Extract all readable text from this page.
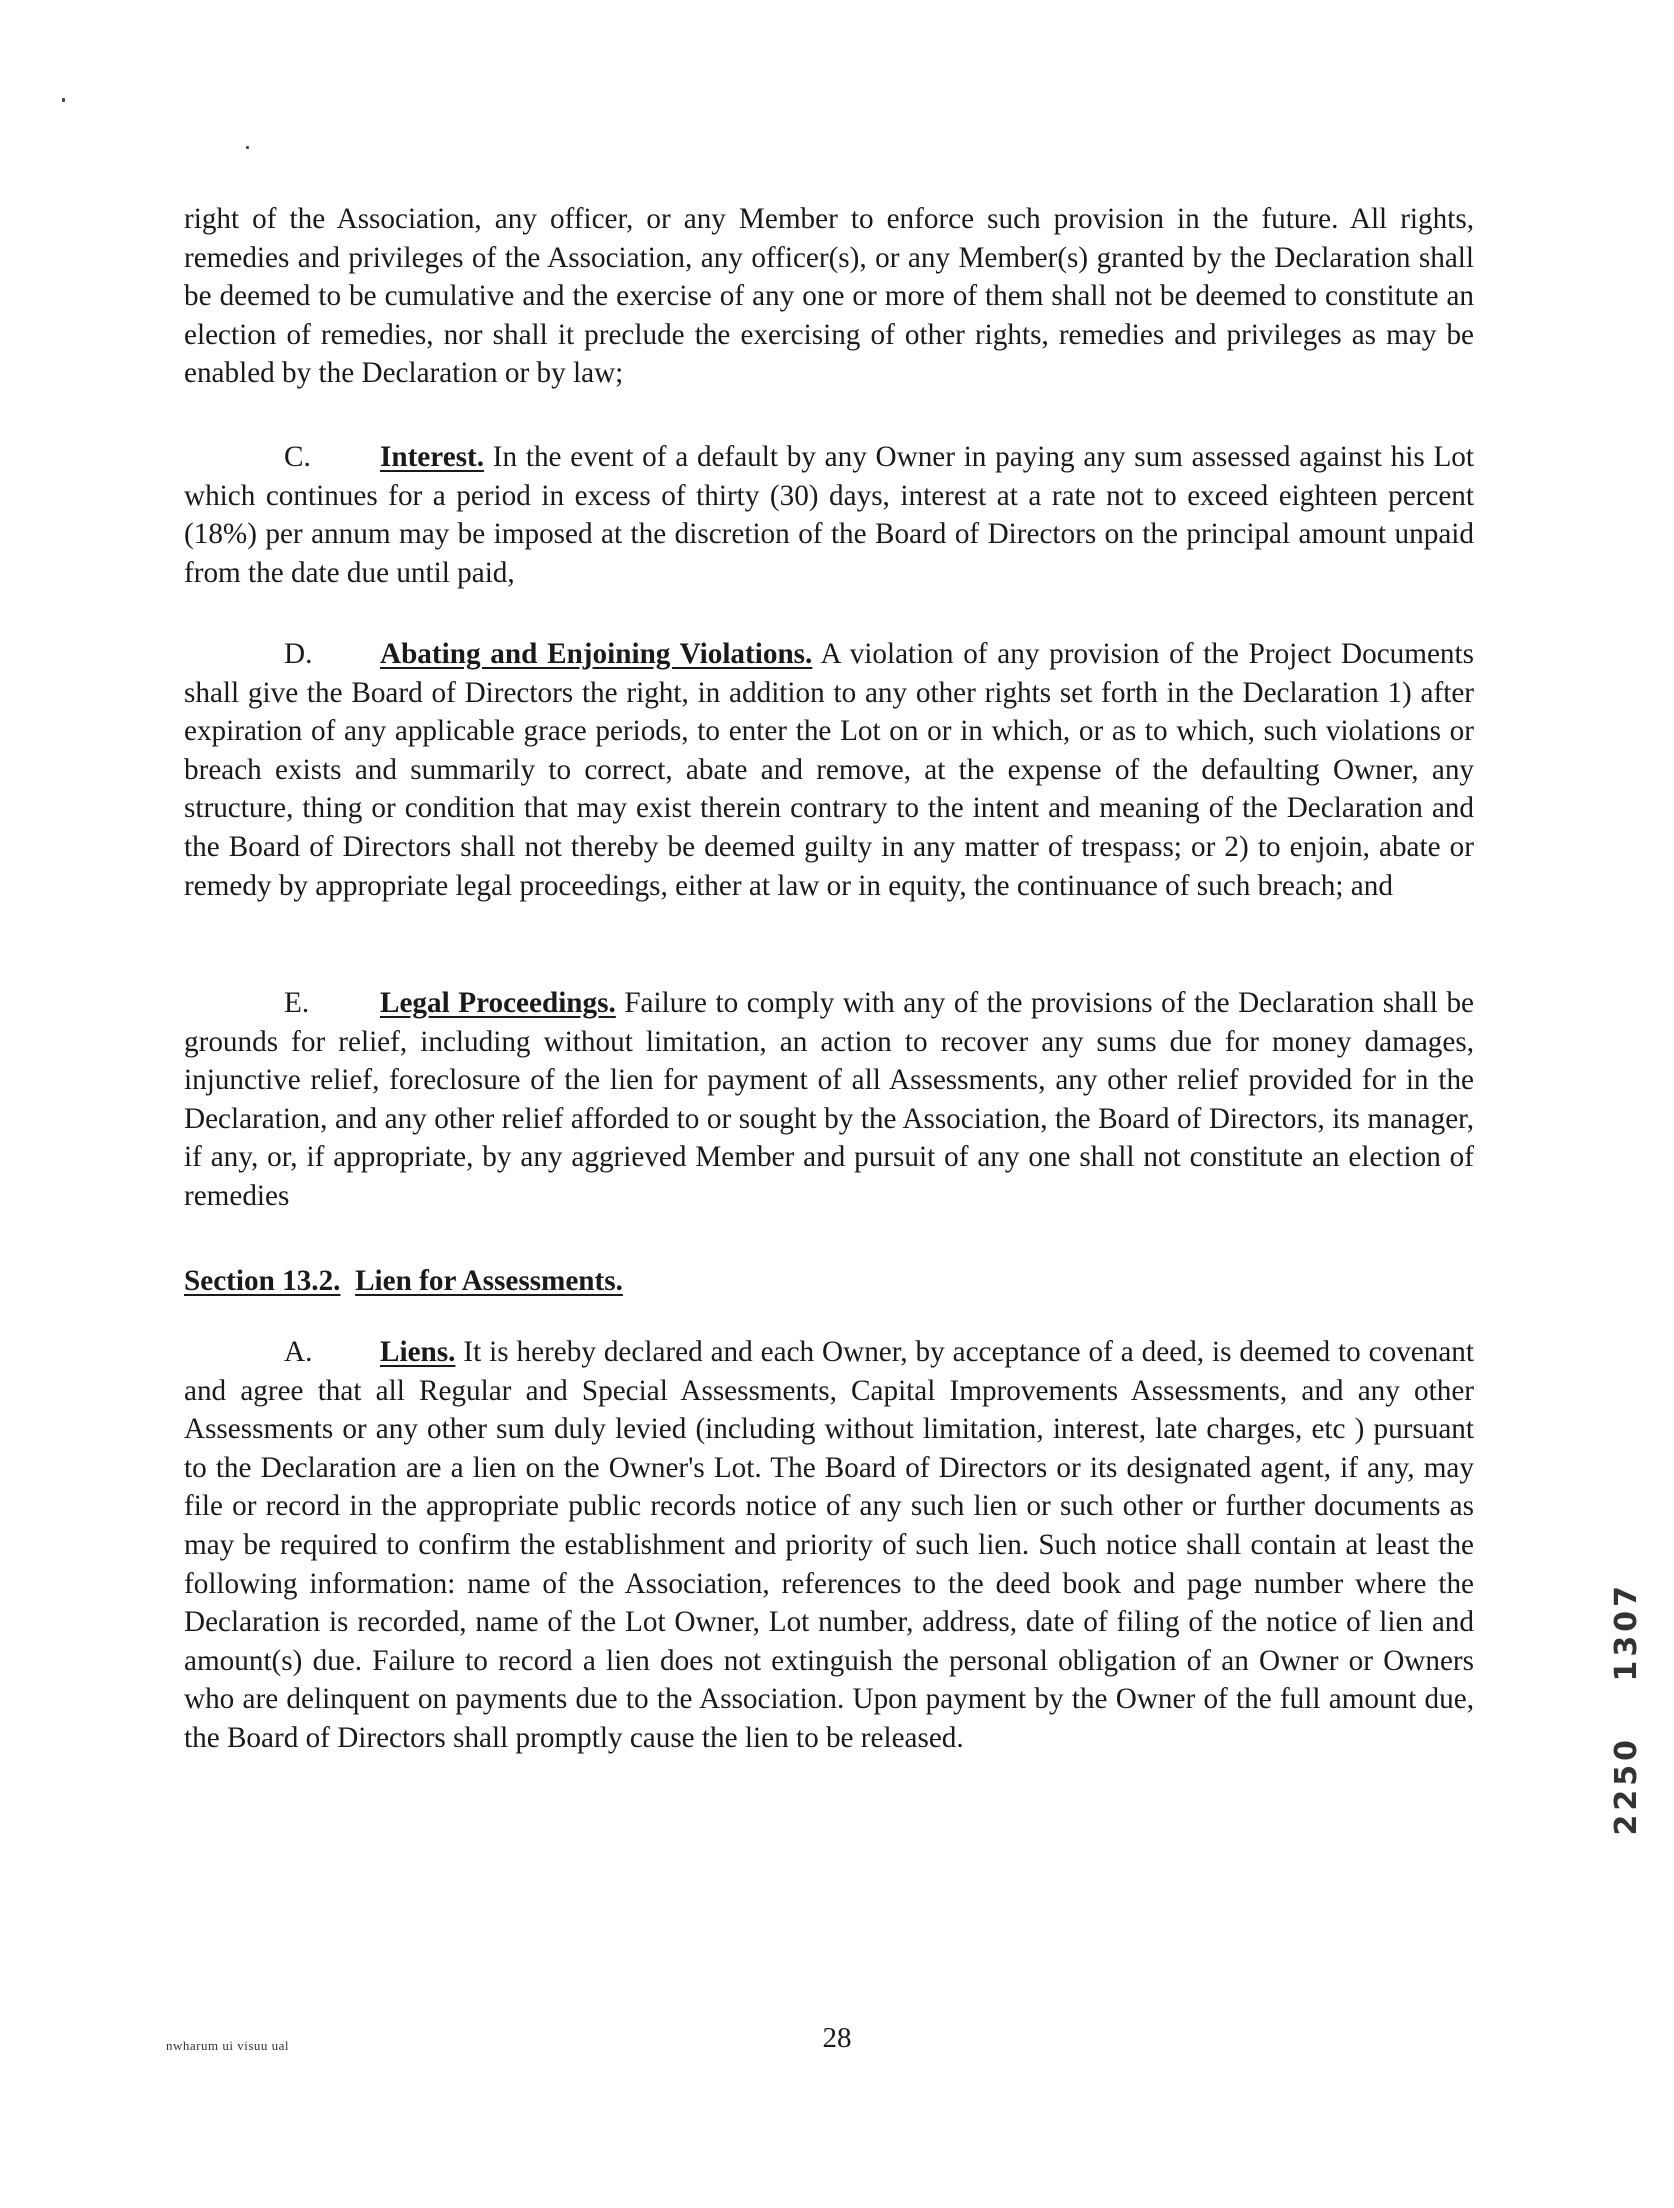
right of the Association, any officer, or any Member to enforce such provision in the future. All rights, remedies and privileges of the Association, any officer(s), or any Member(s) granted by the Declaration shall be deemed to be cumulative and the exercise of any one or more of them shall not be deemed to constitute an election of remedies, nor shall it preclude the exercising of other rights, remedies and privileges as may be enabled by the Declaration or by law;

C. Interest. In the event of a default by any Owner in paying any sum assessed against his Lot which continues for a period in excess of thirty (30) days, interest at a rate not to exceed eighteen percent (18%) per annum may be imposed at the discretion of the Board of Directors on the principal amount unpaid from the date due until paid,

D. Abating and Enjoining Violations. A violation of any provision of the Project Documents shall give the Board of Directors the right, in addition to any other rights set forth in the Declaration 1) after expiration of any applicable grace periods, to enter the Lot on or in which, or as to which, such violations or breach exists and summarily to correct, abate and remove, at the expense of the defaulting Owner, any structure, thing or condition that may exist therein contrary to the intent and meaning of the Declaration and the Board of Directors shall not thereby be deemed guilty in any matter of trespass; or 2) to enjoin, abate or remedy by appropriate legal proceedings, either at law or in equity, the continuance of such breach; and

E. Legal Proceedings. Failure to comply with any of the provisions of the Declaration shall be grounds for relief, including without limitation, an action to recover any sums due for money damages, injunctive relief, foreclosure of the lien for payment of all Assessments, any other relief provided for in the Declaration, and any other relief afforded to or sought by the Association, the Board of Directors, its manager, if any, or, if appropriate, by any aggrieved Member and pursuit of any one shall not constitute an election of remedies

Section 13.2. Lien for Assessments.

A. Liens. It is hereby declared and each Owner, by acceptance of a deed, is deemed to covenant and agree that all Regular and Special Assessments, Capital Improvements Assessments, and any other Assessments or any other sum duly levied (including without limitation, interest, late charges, etc ) pursuant to the Declaration are a lien on the Owner's Lot. The Board of Directors or its designated agent, if any, may file or record in the appropriate public records notice of any such lien or such other or further documents as may be required to confirm the establishment and priority of such lien. Such notice shall contain at least the following information: name of the Association, references to the deed book and page number where the Declaration is recorded, name of the Lot Owner, Lot number, address, date of filing of the notice of lien and amount(s) due. Failure to record a lien does not extinguish the personal obligation of an Owner or Owners who are delinquent on payments due to the Association. Upon payment by the Owner of the full amount due, the Board of Directors shall promptly cause the lien to be released.

nwharum ui visuu ual	28

1307

2250
